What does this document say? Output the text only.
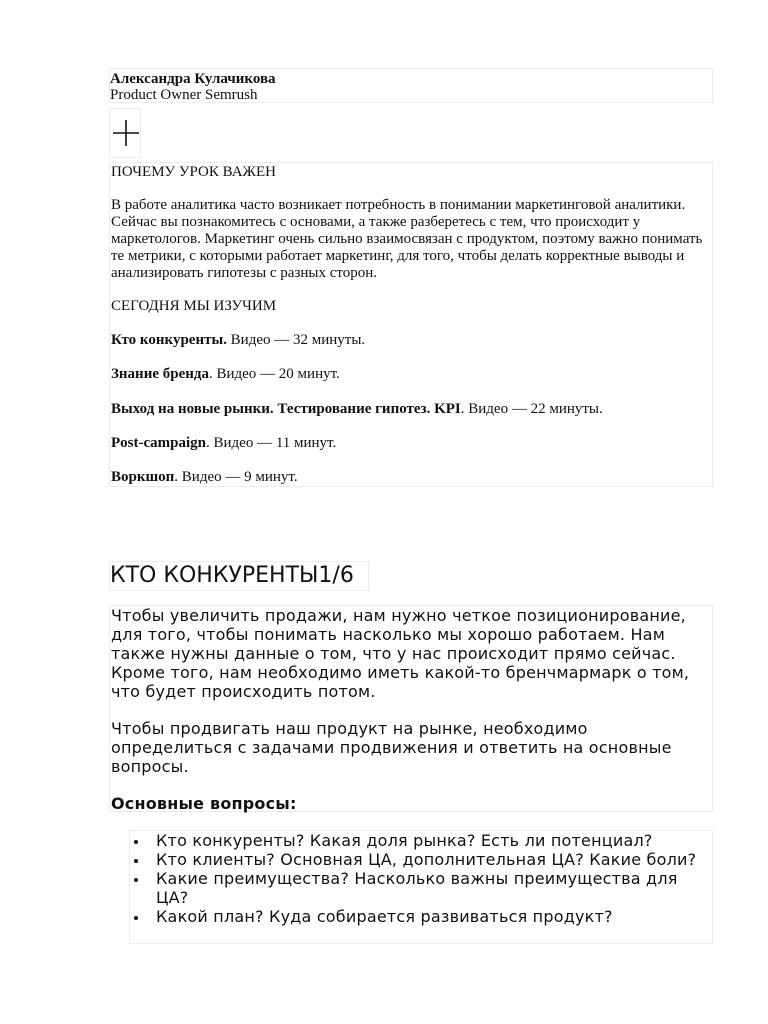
Александра Кулачикова
Product Owner Semrush

ПОЧЕМУ УРОК ВАЖЕН

В работе аналитика часто возникает потребность в понимании маркетинговой аналитики. Сейчас вы познакомитесь с основами, а также разберетесь с тем, что происходит у маркетологов. Маркетинг очень сильно взаимосвязан с продуктом, поэтому важно понимать те метрики, с которыми работает маркетинг, для того, чтобы делать корректные выводы и анализировать гипотезы с разных сторон.

СЕГОДНЯ МЫ ИЗУЧИМ

Кто конкуренты. Видео — 32 минуты.

Знание бренда. Видео — 20 минут.

Выход на новые рынки. Тестирование гипотез. KPI. Видео — 22 минуты.

Post-campaign. Видео — 11 минут.

Воркшоп. Видео — 9 минут.

КТО КОНКУРЕНТЫ1/6

Чтобы увеличить продажи, нам нужно четкое позиционирование, для того, чтобы понимать насколько мы хорошо работаем. Нам также нужны данные о том, что у нас происходит прямо сейчас. Кроме того, нам необходимо иметь какой-то бренчмармарк о том, что будет происходить потом.

Чтобы продвигать наш продукт на рынке, необходимо определиться с задачами продвижения и ответить на основные вопросы.

Основные вопросы:

Кто конкуренты? Какая доля рынка? Есть ли потенциал?
Кто клиенты? Основная ЦА, дополнительная ЦА? Какие боли?
Какие преимущества? Насколько важны преимущества для ЦА?
Какой план? Куда собирается развиваться продукт?
